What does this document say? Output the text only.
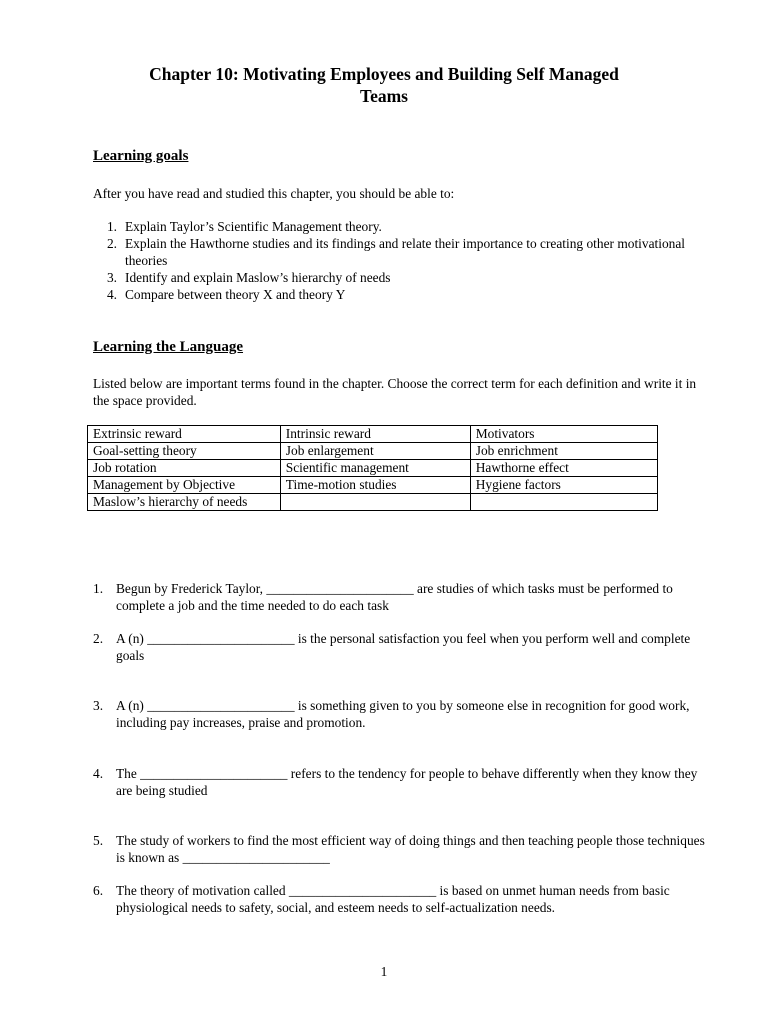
Chapter 10: Motivating Employees and Building Self Managed
Teams
Learning goals
After you have read and studied this chapter, you should be able to:
1. Explain Taylor’s Scientific Management theory.
2. Explain the Hawthorne studies and its findings and relate their importance to creating other motivational theories
3. Identify and explain Maslow’s hierarchy of needs
4. Compare between theory X and theory Y
Learning the Language
Listed below are important terms found in the chapter. Choose the correct term for each definition and write it in the space provided.
Extrinsic reward	Intrinsic reward	Motivators
Goal-setting theory	Job enlargement	Job enrichment
Job rotation	Scientific management	Hawthorne effect
Management by Objective	Time-motion studies	Hygiene factors
Maslow’s hierarchy of needs		
1. Begun by Frederick Taylor, ______________________ are studies of which tasks must be performed to complete a job and the time needed to do each task
2. A (n) ______________________ is the personal satisfaction you feel when you perform well and complete goals
3. A (n) ______________________ is something given to you by someone else in recognition for good work, including pay increases, praise and promotion.
4. The ______________________ refers to the tendency for people to behave differently when they know they are being studied
5. The study of workers to find the most efficient way of doing things and then teaching people those techniques is known as ______________________
6. The theory of motivation called ______________________ is based on unmet human needs from basic physiological needs to safety, social, and esteem needs to self-actualization needs.
1
